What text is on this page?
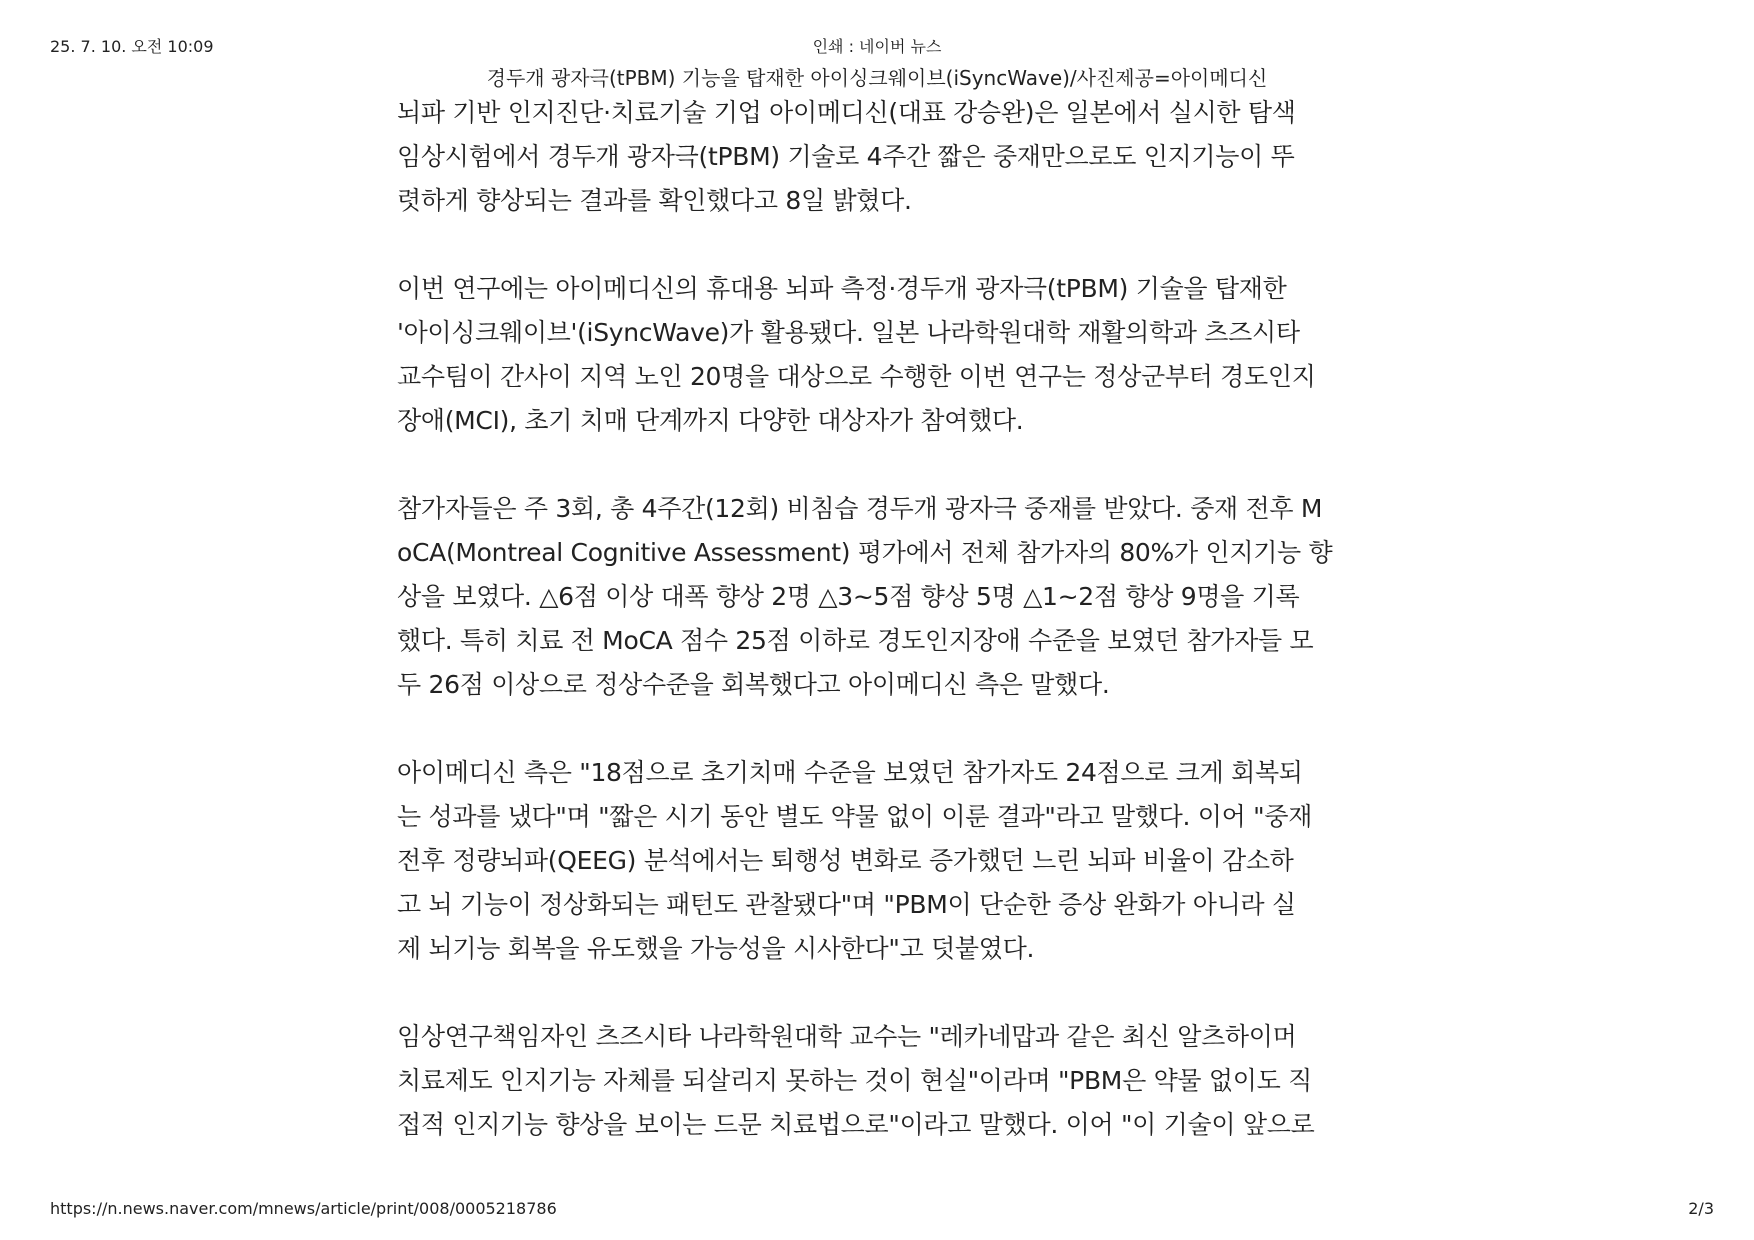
25. 7. 10. 오전 10:09	인쇄 : 네이버 뉴스
경두개 광자극(tPBM) 기능을 탑재한 아이싱크웨이브(iSyncWave)/사진제공=아이메디신
뇌파 기반 인지진단·치료기술 기업 아이메디신(대표 강승완)은 일본에서 실시한 탐색
임상시험에서 경두개 광자극(tPBM) 기술로 4주간 짧은 중재만으로도 인지기능이 뚜
렷하게 향상되는 결과를 확인했다고 8일 밝혔다.
이번 연구에는 아이메디신의 휴대용 뇌파 측정·경두개 광자극(tPBM) 기술을 탑재한
'아이싱크웨이브'(iSyncWave)가 활용됐다. 일본 나라학원대학 재활의학과 츠즈시타
교수팀이 간사이 지역 노인 20명을 대상으로 수행한 이번 연구는 정상군부터 경도인지
장애(MCI), 초기 치매 단계까지 다양한 대상자가 참여했다.
참가자들은 주 3회, 총 4주간(12회) 비침습 경두개 광자극 중재를 받았다. 중재 전후 M
oCA(Montreal Cognitive Assessment) 평가에서 전체 참가자의 80%가 인지기능 향
상을 보였다. △6점 이상 대폭 향상 2명 △3~5점 향상 5명 △1~2점 향상 9명을 기록
했다. 특히 치료 전 MoCA 점수 25점 이하로 경도인지장애 수준을 보였던 참가자들 모
두 26점 이상으로 정상수준을 회복했다고 아이메디신 측은 말했다.
아이메디신 측은 "18점으로 초기치매 수준을 보였던 참가자도 24점으로 크게 회복되
는 성과를 냈다"며 "짧은 시기 동안 별도 약물 없이 이룬 결과"라고 말했다. 이어 "중재
전후 정량뇌파(QEEG) 분석에서는 퇴행성 변화로 증가했던 느린 뇌파 비율이 감소하
고 뇌 기능이 정상화되는 패턴도 관찰됐다"며 "PBM이 단순한 증상 완화가 아니라 실
제 뇌기능 회복을 유도했을 가능성을 시사한다"고 덧붙였다.
임상연구책임자인 츠즈시타 나라학원대학 교수는 "레카네맙과 같은 최신 알츠하이머
치료제도 인지기능 자체를 되살리지 못하는 것이 현실"이라며 "PBM은 약물 없이도 직
접적 인지기능 향상을 보이는 드문 치료법으로"이라고 말했다. 이어 "이 기술이 앞으로
https://n.news.naver.com/mnews/article/print/008/0005218786	2/3
